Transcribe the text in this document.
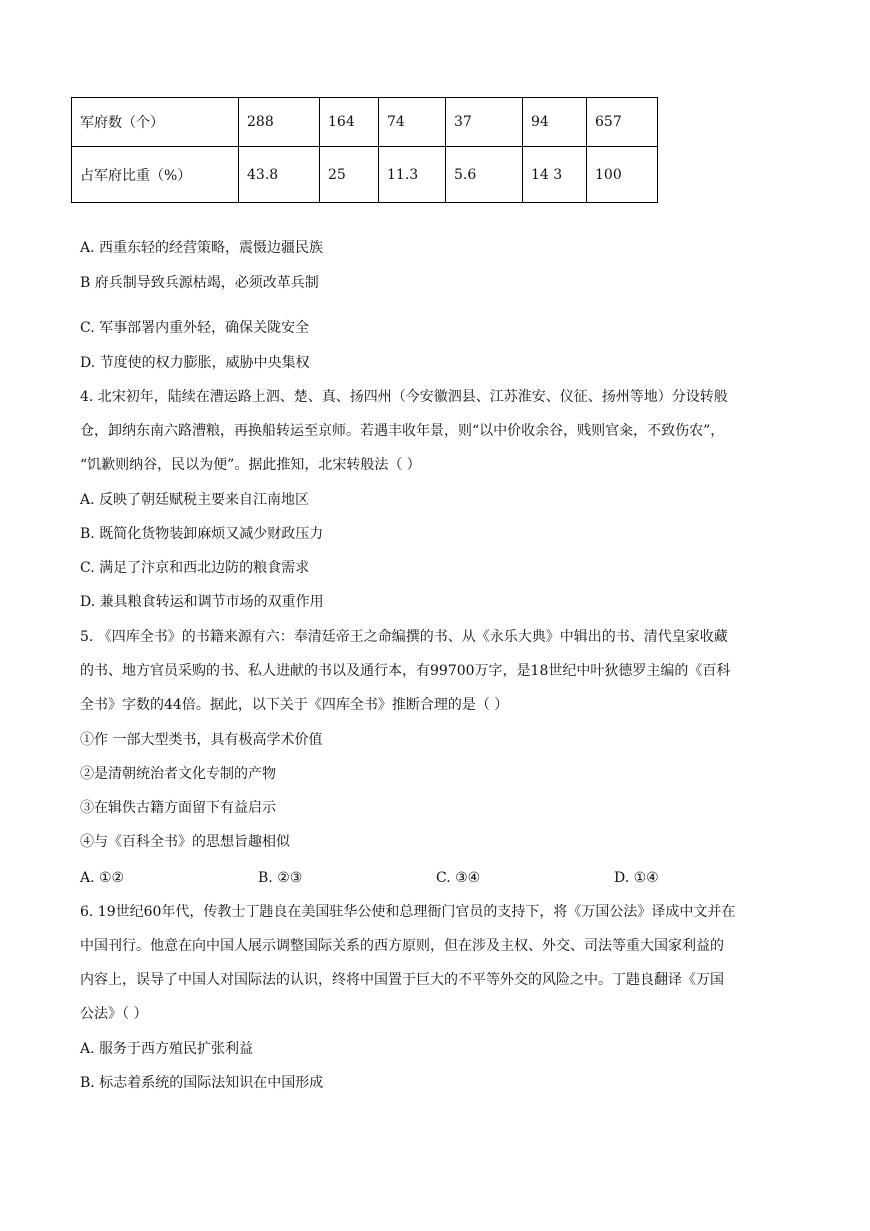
军府数（个）	288	164	74	37	94	657
占军府比重（%）	43.8	25	11.3	5.6	14 3	100
A. 西重东轻的经营策略，震慑边疆民族
B 府兵制导致兵源枯竭，必须改革兵制
C. 军事部署内重外轻，确保关陇安全
D. 节度使的权力膨胀，威胁中央集权
4. 北宋初年，陆续在漕运路上泗、楚、真、扬四州（今安徽泗县、江苏淮安、仪征、扬州等地）分设转般
仓，卸纳东南六路漕粮，再换船转运至京师。若遇丰收年景，则“以中价收余谷，贱则官籴，不致伤农”，
“饥歉则纳谷，民以为便”。据此推知，北宋转般法（ ）
A. 反映了朝廷赋税主要来自江南地区
B. 既简化货物装卸麻烦又减少财政压力
C. 满足了汴京和西北边防的粮食需求
D. 兼具粮食转运和调节市场的双重作用
5. 《四库全书》的书籍来源有六：奉清廷帝王之命编撰的书、从《永乐大典》中辑出的书、清代皇家收藏
的书、地方官员采购的书、私人进献的书以及通行本，有99700万字，是18世纪中叶狄德罗主编的《百科
全书》字数的44倍。据此，以下关于《四库全书》推断合理的是（ ）
①作 一部大型类书，具有极高学术价值
②是清朝统治者文化专制的产物
③在辑佚古籍方面留下有益启示
④与《百科全书》的思想旨趣相似
A. ①②	B. ②③	C. ③④	D. ①④
6. 19世纪60年代，传教士丁韪良在美国驻华公使和总理衙门官员的支持下，将《万国公法》译成中文并在
中国刊行。他意在向中国人展示调整国际关系的西方原则，但在涉及主权、外交、司法等重大国家利益的
内容上，误导了中国人对国际法的认识，终将中国置于巨大的不平等外交的风险之中。丁韪良翻译《万国
公法》（ ）
A. 服务于西方殖民扩张利益
B. 标志着系统的国际法知识在中国形成
